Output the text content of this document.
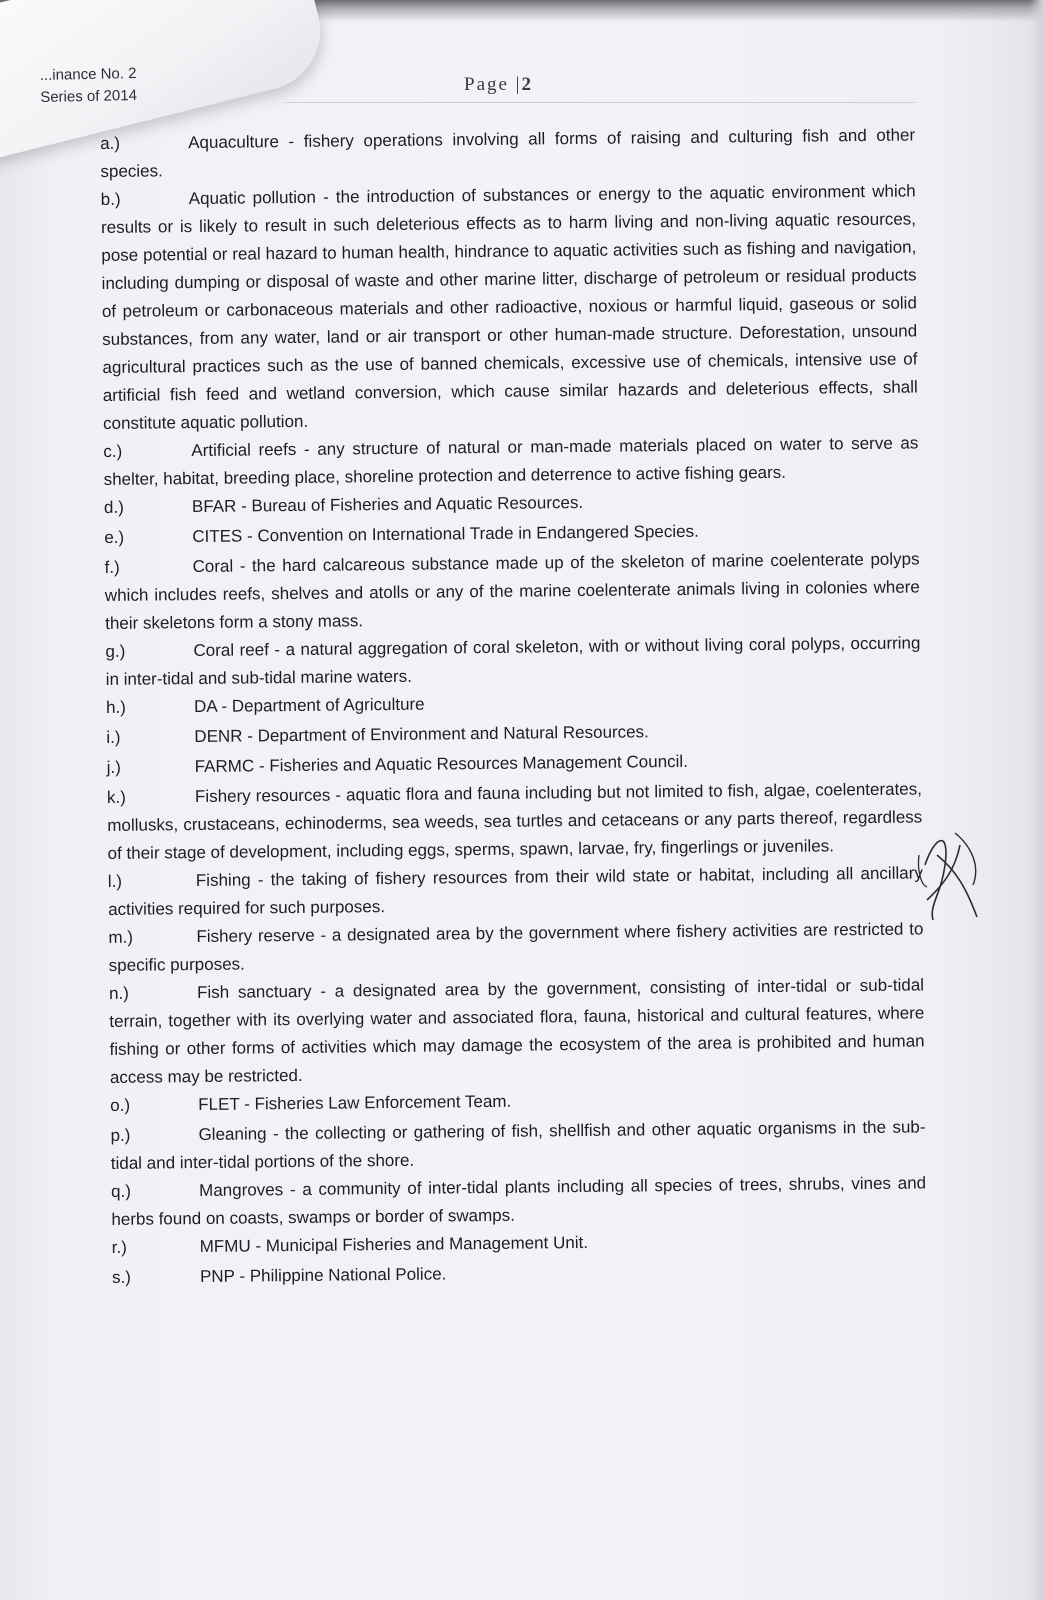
...inance No. 2
Series of 2014
Page |2

a.)	Aquaculture - fishery operations involving all forms of raising and culturing fish and other species.

b.)	Aquatic pollution - the introduction of substances or energy to the aquatic environment which results or is likely to result in such deleterious effects as to harm living and non-living aquatic resources, pose potential or real hazard to human health, hindrance to aquatic activities such as fishing and navigation, including dumping or disposal of waste and other marine litter, discharge of petroleum or residual products of petroleum or carbonaceous materials and other radioactive, noxious or harmful liquid, gaseous or solid substances, from any water, land or air transport or other human-made structure. Deforestation, unsound agricultural practices such as the use of banned chemicals, excessive use of chemicals, intensive use of artificial fish feed and wetland conversion, which cause similar hazards and deleterious effects, shall constitute aquatic pollution.

c.)	Artificial reefs - any structure of natural or man-made materials placed on water to serve as shelter, habitat, breeding place, shoreline protection and deterrence to active fishing gears.

d.)	BFAR - Bureau of Fisheries and Aquatic Resources.

e.)	CITES - Convention on International Trade in Endangered Species.

f.)	Coral - the hard calcareous substance made up of the skeleton of marine coelenterate polyps which includes reefs, shelves and atolls or any of the marine coelenterate animals living in colonies where their skeletons form a stony mass.

g.)	Coral reef - a natural aggregation of coral skeleton, with or without living coral polyps, occurring in inter-tidal and sub-tidal marine waters.

h.)	DA - Department of Agriculture

i.)	DENR - Department of Environment and Natural Resources.

j.)	FARMC - Fisheries and Aquatic Resources Management Council.

k.)	Fishery resources - aquatic flora and fauna including but not limited to fish, algae, coelenterates, mollusks, crustaceans, echinoderms, sea weeds, sea turtles and cetaceans or any parts thereof, regardless of their stage of development, including eggs, sperms, spawn, larvae, fry, fingerlings or juveniles.

l.)	Fishing - the taking of fishery resources from their wild state or habitat, including all ancillary activities required for such purposes.

m.)	Fishery reserve - a designated area by the government where fishery activities are restricted to specific purposes.

n.)	Fish sanctuary - a designated area by the government, consisting of inter-tidal or sub-tidal terrain, together with its overlying water and associated flora, fauna, historical and cultural features, where fishing or other forms of activities which may damage the ecosystem of the area is prohibited and human access may be restricted.

o.)	FLET - Fisheries Law Enforcement Team.

p.)	Gleaning - the collecting or gathering of fish, shellfish and other aquatic organisms in the sub-tidal and inter-tidal portions of the shore.

q.)	Mangroves - a community of inter-tidal plants including all species of trees, shrubs, vines and herbs found on coasts, swamps or border of swamps.

r.)	MFMU - Municipal Fisheries and Management Unit.

s.)	PNP - Philippine National Police.
